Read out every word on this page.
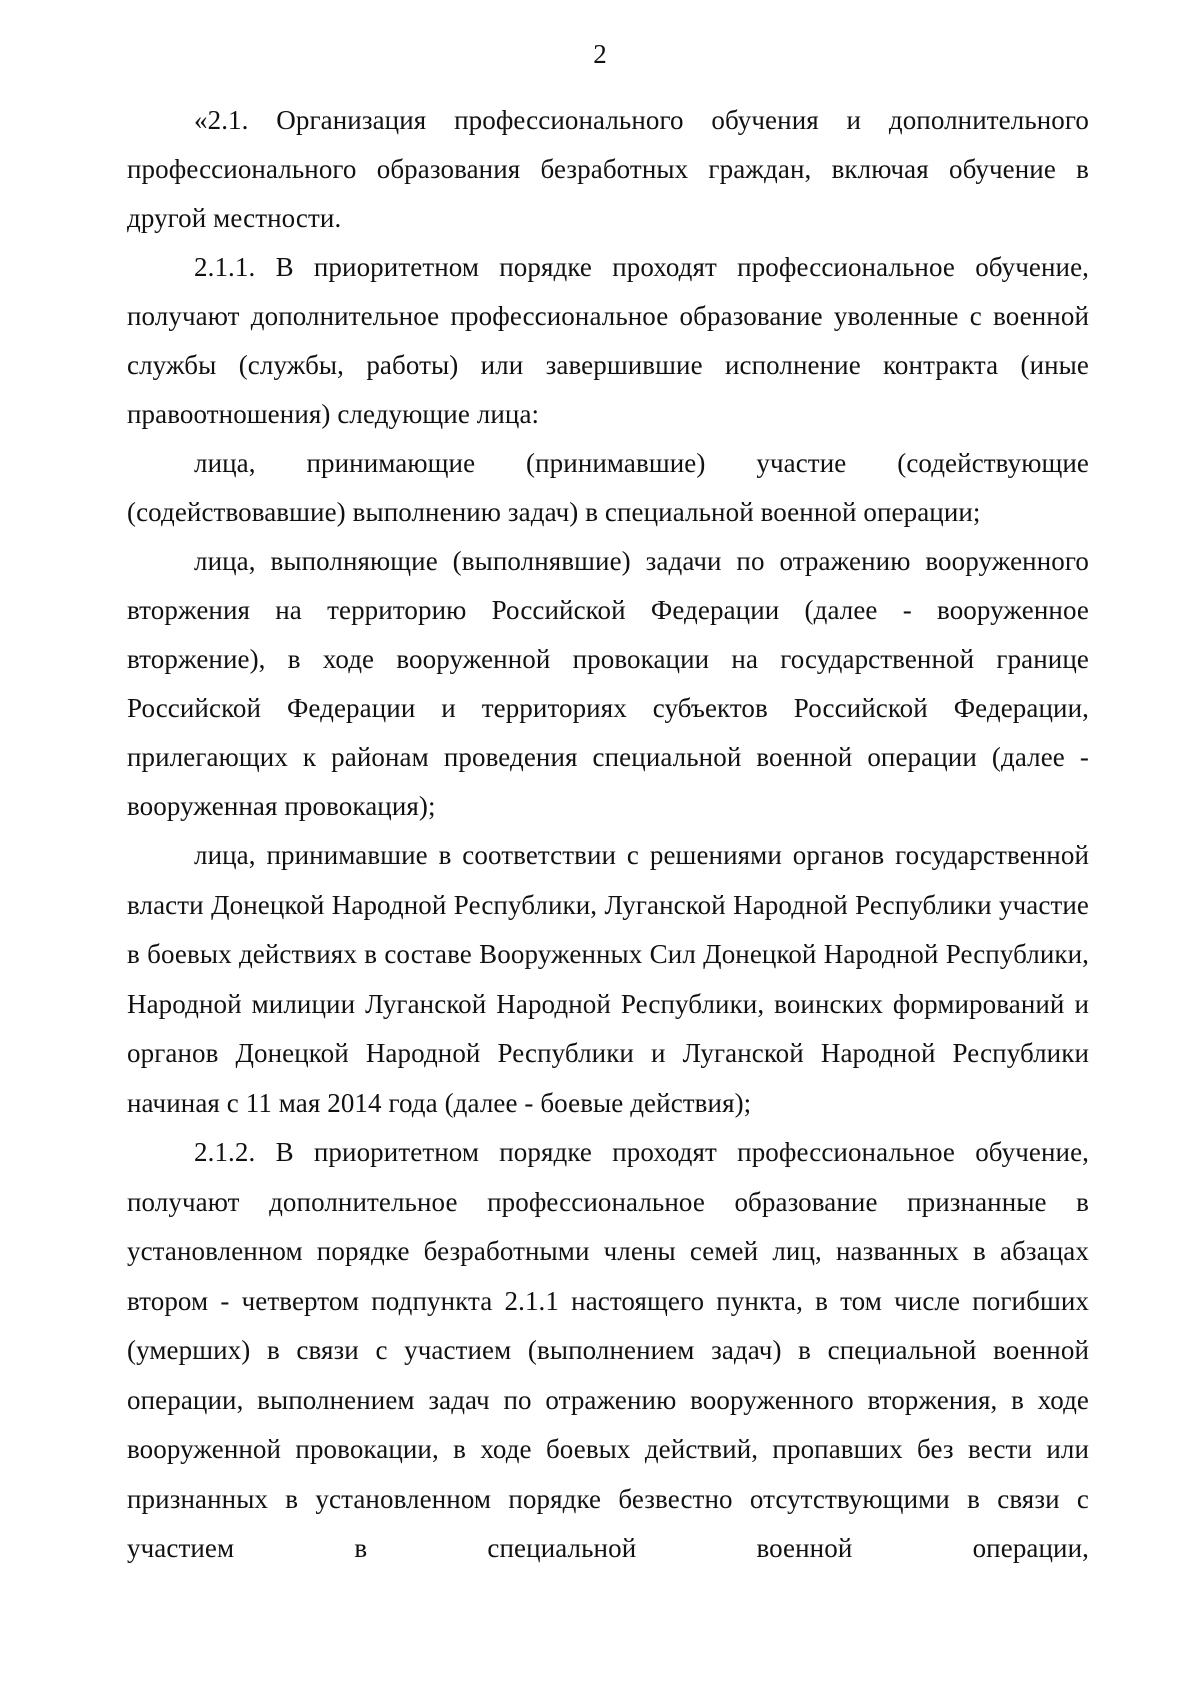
2

«2.1. Организация профессионального обучения и дополнительного профессионального образования безработных граждан, включая обучение в другой местности.

2.1.1. В приоритетном порядке проходят профессиональное обучение, получают дополнительное профессиональное образование уволенные с военной службы (службы, работы) или завершившие исполнение контракта (иные правоотношения) следующие лица:

лица, принимающие (принимавшие) участие (содействующие (содействовавшие) выполнению задач) в специальной военной операции;

лица, выполняющие (выполнявшие) задачи по отражению вооруженного вторжения на территорию Российской Федерации (далее - вооруженное вторжение), в ходе вооруженной провокации на государственной границе Российской Федерации и территориях субъектов Российской Федерации, прилегающих к районам проведения специальной военной операции (далее - вооруженная провокация);

лица, принимавшие в соответствии с решениями органов государственной власти Донецкой Народной Республики, Луганской Народной Республики участие в боевых действиях в составе Вооруженных Сил Донецкой Народной Республики, Народной милиции Луганской Народной Республики, воинских формирований и органов Донецкой Народной Республики и Луганской Народной Республики начиная с 11 мая 2014 года (далее - боевые действия);

2.1.2. В приоритетном порядке проходят профессиональное обучение, получают дополнительное профессиональное образование признанные в установленном порядке безработными члены семей лиц, названных в абзацах втором - четвертом подпункта 2.1.1 настоящего пункта, в том числе погибших (умерших) в связи с участием (выполнением задач) в специальной военной операции, выполнением задач по отражению вооруженного вторжения, в ходе вооруженной провокации, в ходе боевых действий, пропавших без вести или признанных в установленном порядке безвестно отсутствующими в связи с участием в специальной военной операции,
